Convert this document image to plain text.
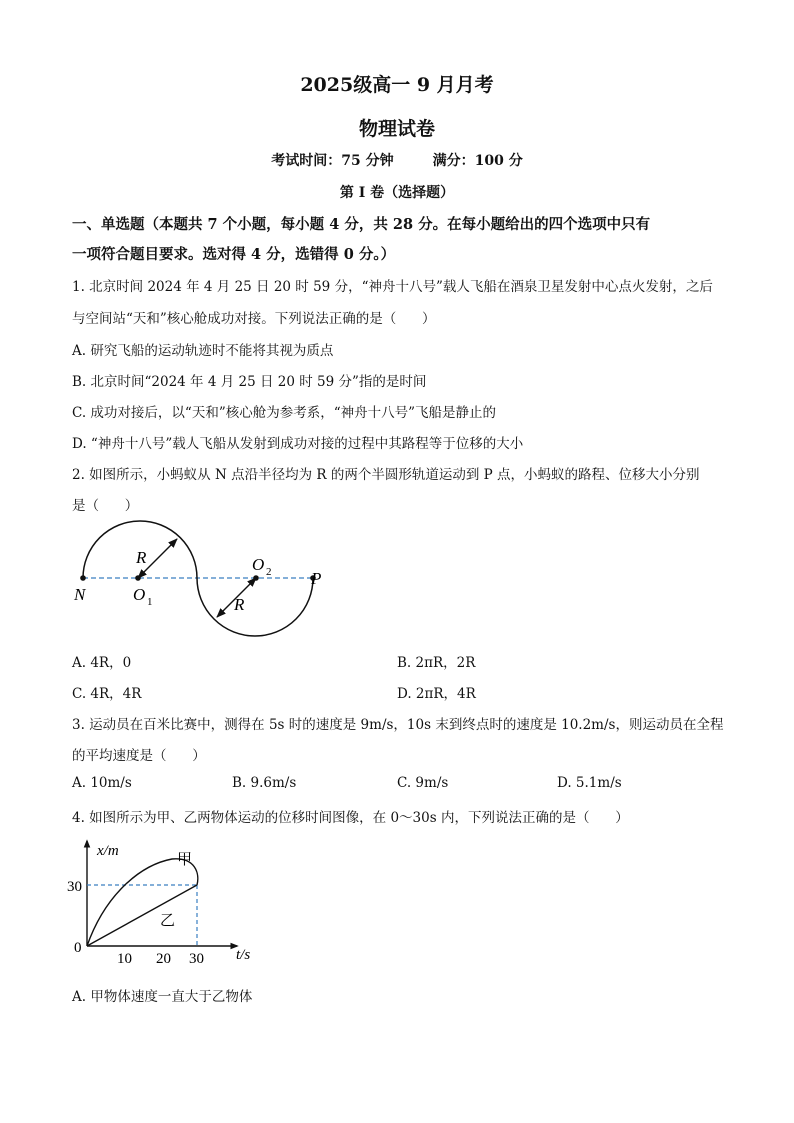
2025级高一 9 月月考
物理试卷
考试时间：75 分钟        满分：100 分
第 I 卷（选择题）
一、单选题（本题共 7 个小题，每小题 4 分，共 28 分。在每小题给出的四个选项中只有
一项符合题目要求。选对得 4 分，选错得 0 分。）
1. 北京时间 2024 年 4 月 25 日 20 时 59 分，“神舟十八号”载人飞船在酒泉卫星发射中心点火发射，之后
与空间站“天和”核心舱成功对接。下列说法正确的是（      ）
A. 研究飞船的运动轨迹时不能将其视为质点
B. 北京时间“2024 年 4 月 25 日 20 时 59 分”指的是时间
C. 成功对接后，以“天和”核心舱为参考系，“神舟十八号”飞船是静止的
D. “神舟十八号”载人飞船从发射到成功对接的过程中其路程等于位移的大小
2. 如图所示，小蚂蚁从 N 点沿半径均为 R 的两个半圆形轨道运动到 P 点，小蚂蚁的路程、位移大小分别
是（      ）
N	O 1
O 2 P
R
R
A. 4R，0	B. 2πR，2R
C. 4R，4R	D. 2πR，4R
3. 运动员在百米比赛中，测得在 5s 时的速度是 9m/s，10s 末到终点时的速度是 10.2m/s，则运动员在全程
的平均速度是（      ）
A. 10m/s	B. 9.6m/s	C. 9m/s	D. 5.1m/s
4. 如图所示为甲、乙两物体运动的位移时间图像，在 0～30s 内，下列说法正确的是（      ）
x/m
t/s
0
30
10 20 30
甲
乙
A. 甲物体速度一直大于乙物体
